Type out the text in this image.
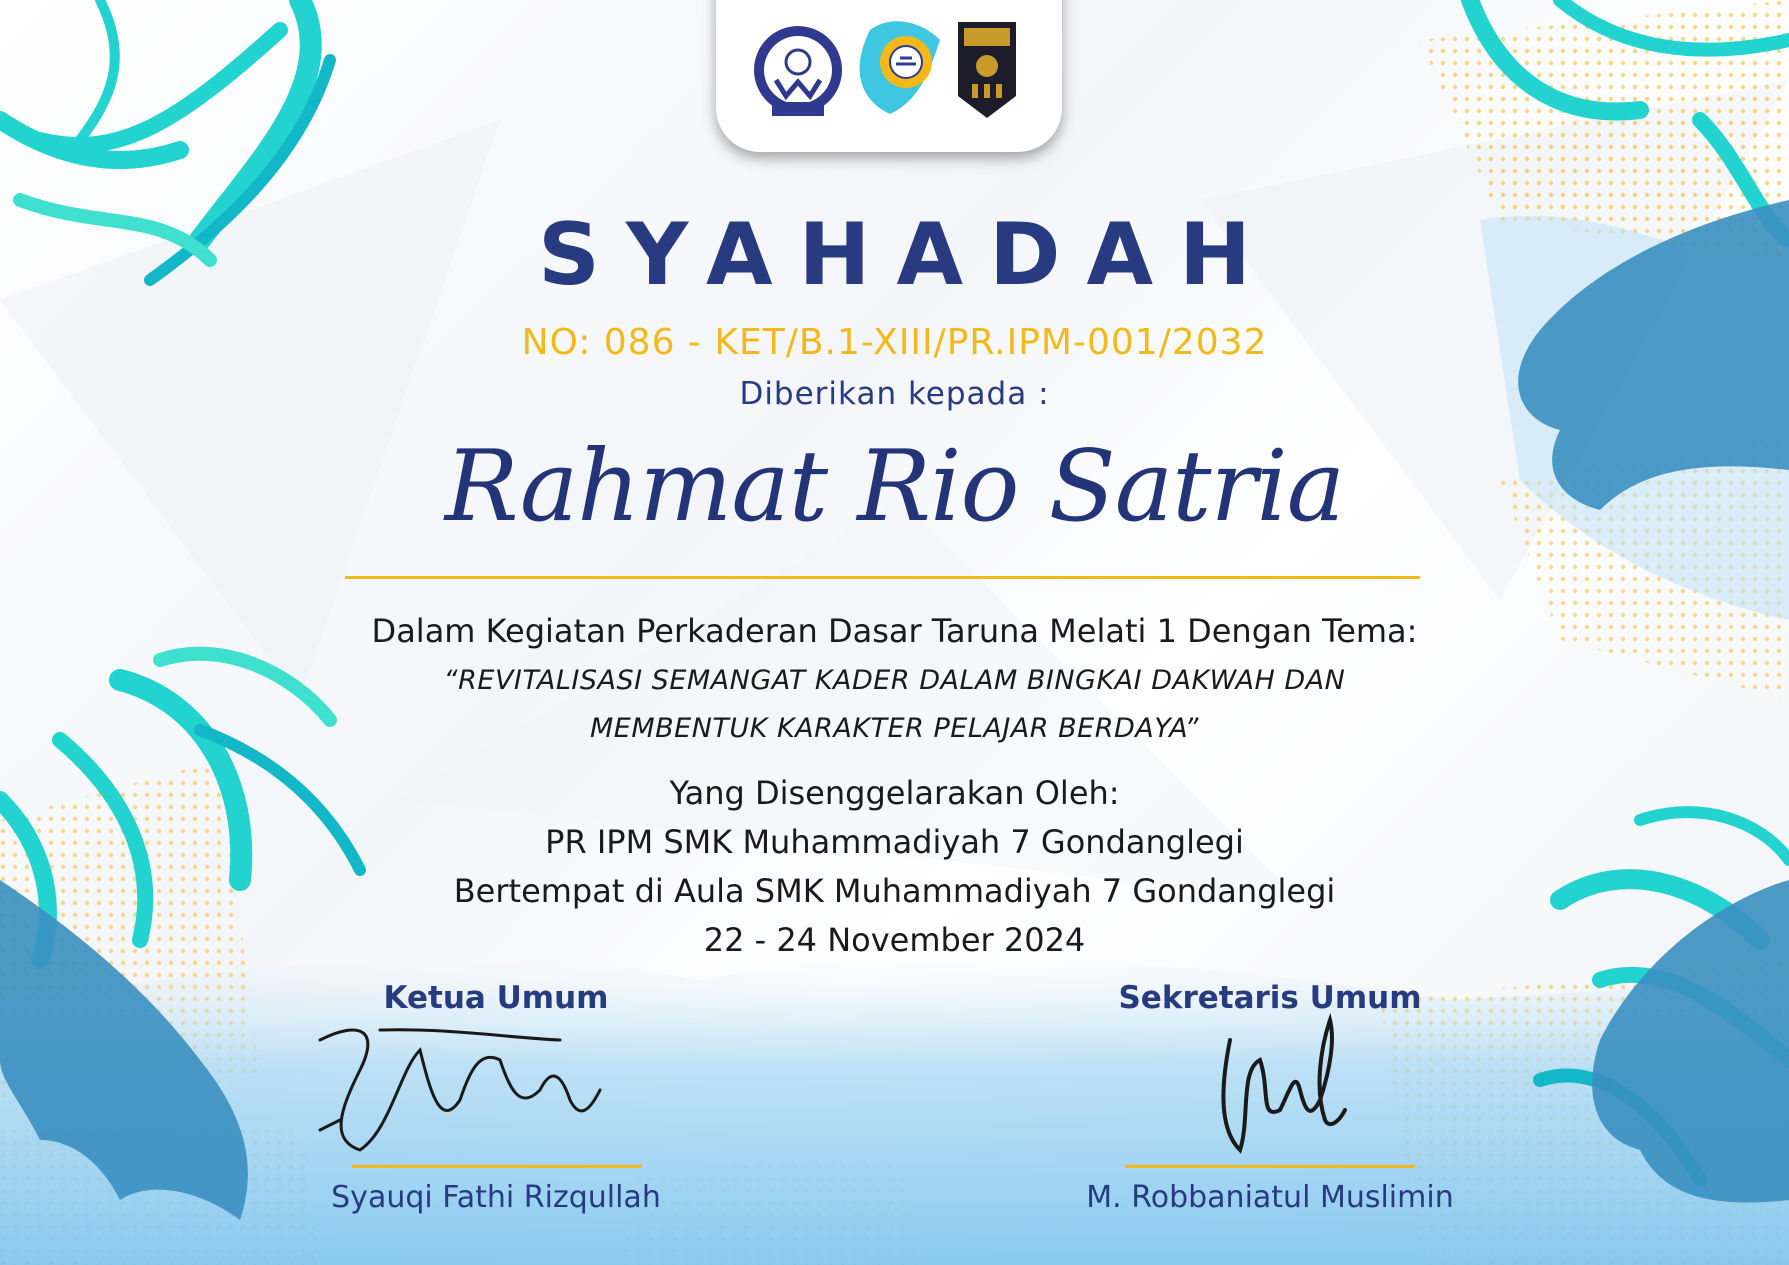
SYAHADAH
NO: 086 - KET/B.1-XIII/PR.IPM-001/2032
Diberikan kepada :
Rahmat Rio Satria
Dalam Kegiatan Perkaderan Dasar Taruna Melati 1 Dengan Tema:
“REVITALISASI SEMANGAT KADER DALAM BINGKAI DAKWAH DAN
MEMBENTUK KARAKTER PELAJAR BERDAYA”
Yang Disenggelarakan Oleh:
PR IPM SMK Muhammadiyah 7 Gondanglegi
Bertempat di Aula SMK Muhammadiyah 7 Gondanglegi
22 - 24 November 2024
Ketua Umum
Syauqi Fathi Rizqullah
Sekretaris Umum
M. Robbaniatul Muslimin
